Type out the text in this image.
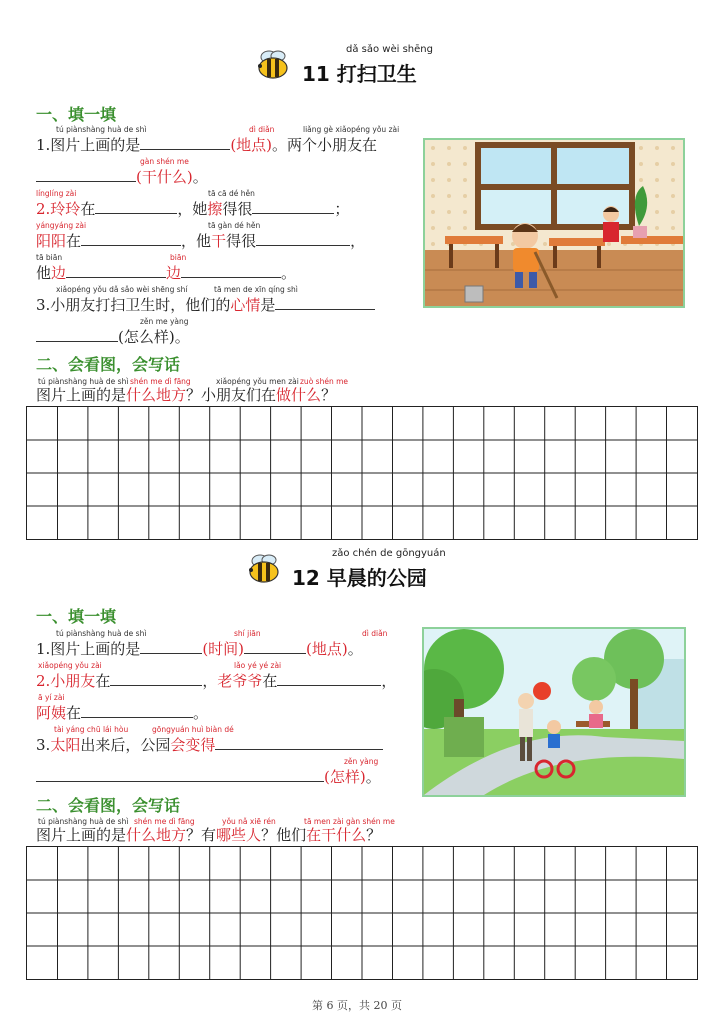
dǎ sǎo wèi shēng
11 打扫卫生
一、填一填
tú piànshàng huà de shì	dì diǎn	liǎng gè xiǎopéng yǒu zài
1.图片上画的是	(地点)。两个小朋友在
gàn shén me
(干什么)。
línglíng zài	tā cā dé hěn
2.玲玲在	，她擦得很	；
yángyáng zài	tā gàn dé hěn
阳阳在	，他干得很	，
tā biān	biān
他边	边	。
xiǎopéng yǒu dǎ sǎo wèi shēng shí	tā men de xīn qíng shì
3.小朋友打扫卫生时，他们的心情是
zěn me yàng
(怎么样)。
二、会看图，会写话
tú piànshàng huà de shì shén me dì fāng	xiǎopéng yǒu men zài zuò shén me
图片上画的是什么地方？小朋友们在做什么？
zǎo chén de gōngyuán
12 早晨的公园
一、填一填
tú piànshàng huà de shì	shí jiān	dì diǎn
1.图片上画的是	(时间)	(地点)。
xiǎopéng yǒu zài	lǎo yé yé zài
2.小朋友在	，老爷爷在	，
ā yí zài
阿姨在	。
tài yáng chū lái hòu	gōngyuán huì biàn dé
3.太阳出来后，公园会变得
zěn yàng
(怎样)。
二、会看图，会写话
tú piànshàng huà de shì shén me dì fāng	yǒu nǎ xiē rén	tā men zài gàn shén me
图片上画的是什么地方？有哪些人？他们在干什么？
第 6 页，共 20 页
